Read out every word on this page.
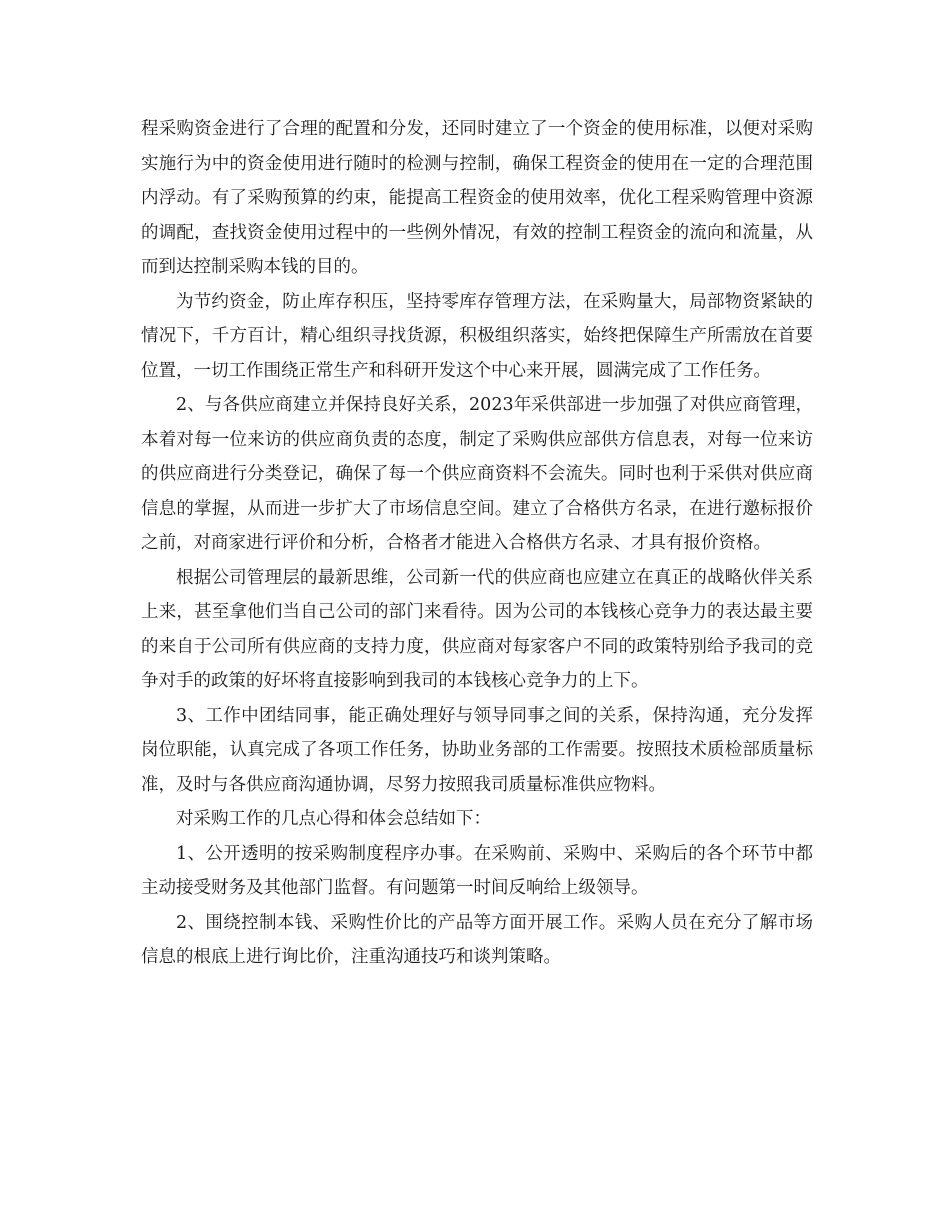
程采购资金进行了合理的配置和分发，还同时建立了一个资金的使用标准，以便对采购实施行为中的资金使用进行随时的检测与控制，确保工程资金的使用在一定的合理范围内浮动。有了采购预算的约束，能提高工程资金的使用效率，优化工程采购管理中资源的调配，查找资金使用过程中的一些例外情况，有效的控制工程资金的流向和流量，从而到达控制采购本钱的目的。

为节约资金，防止库存积压，坚持零库存管理方法，在采购量大，局部物资紧缺的情况下，千方百计，精心组织寻找货源，积极组织落实，始终把保障生产所需放在首要位置，一切工作围绕正常生产和科研开发这个中心来开展，圆满完成了工作任务。

2、与各供应商建立并保持良好关系，2023年采供部进一步加强了对供应商管理，本着对每一位来访的供应商负责的态度，制定了采购供应部供方信息表，对每一位来访的供应商进行分类登记，确保了每一个供应商资料不会流失。同时也利于采供对供应商信息的掌握，从而进一步扩大了市场信息空间。建立了合格供方名录，在进行邀标报价之前，对商家进行评价和分析，合格者才能进入合格供方名录、才具有报价资格。

根据公司管理层的最新思维，公司新一代的供应商也应建立在真正的战略伙伴关系上来，甚至拿他们当自己公司的部门来看待。因为公司的本钱核心竞争力的表达最主要的来自于公司所有供应商的支持力度，供应商对每家客户不同的政策特别给予我司的竞争对手的政策的好坏将直接影响到我司的本钱核心竞争力的上下。

3、工作中团结同事，能正确处理好与领导同事之间的关系，保持沟通，充分发挥岗位职能，认真完成了各项工作任务，协助业务部的工作需要。按照技术质检部质量标准，及时与各供应商沟通协调，尽努力按照我司质量标准供应物料。

对采购工作的几点心得和体会总结如下：

1、公开透明的按采购制度程序办事。在采购前、采购中、采购后的各个环节中都主动接受财务及其他部门监督。有问题第一时间反响给上级领导。

2、围绕控制本钱、采购性价比的产品等方面开展工作。采购人员在充分了解市场信息的根底上进行询比价，注重沟通技巧和谈判策略。
